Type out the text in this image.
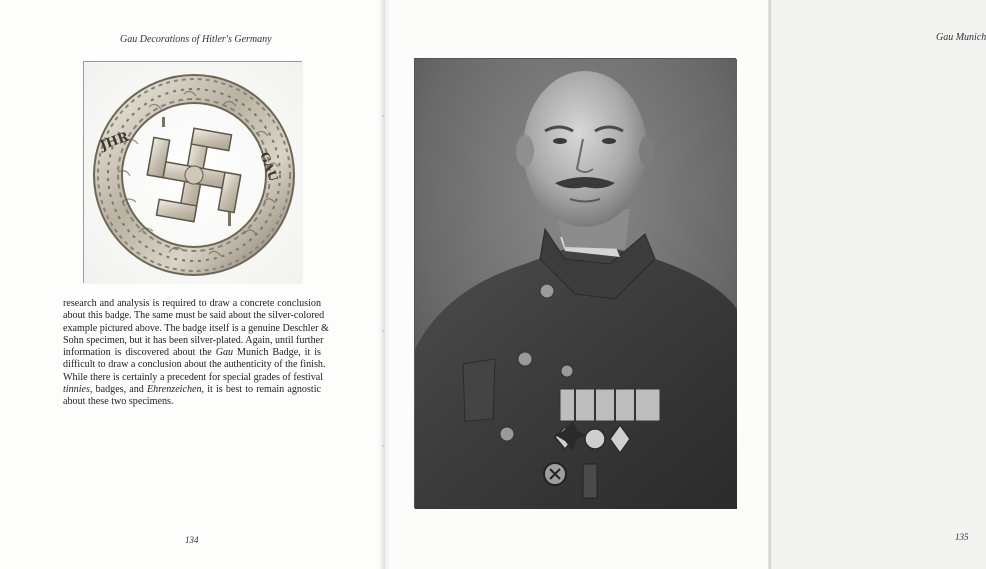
Gau Decorations of Hitler's Germany
JHR
GAU
research and analysis is required to draw a concrete conclusion
about this badge. The same must be said about the silver-colored
example pictured above. The badge itself is a genuine Deschler &
Sohn specimen, but it has been silver-plated. Again, until further
information is discovered about the Gau Munich Badge, it is
difficult to draw a conclusion about the authenticity of the finish.
While there is certainly a precedent for special grades of festival
tinnies, badges, and Ehrenzeichen, it is best to remain agnostic
about these two specimens.
134
Gau Munich
135
